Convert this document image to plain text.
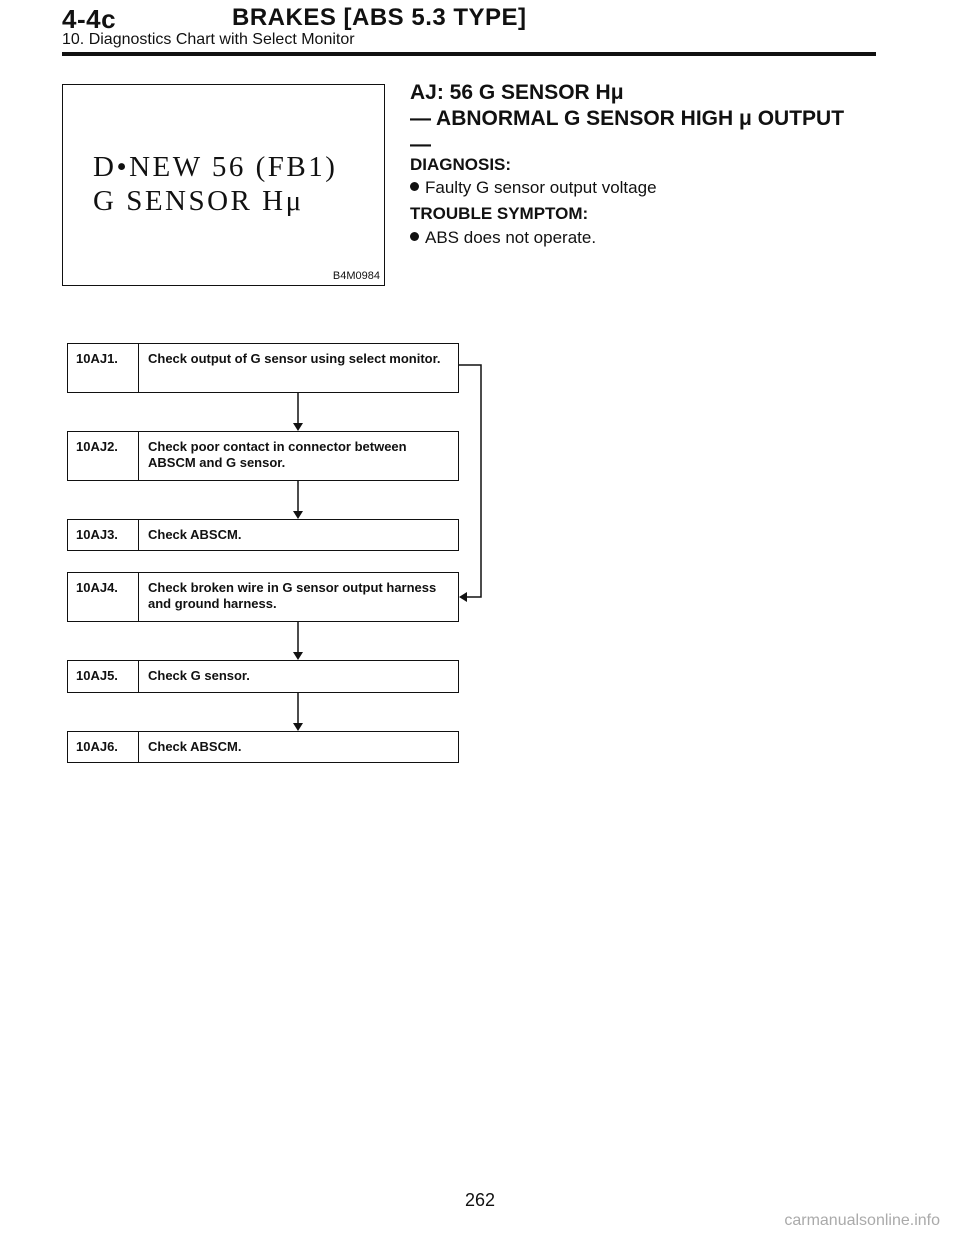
4-4c	BRAKES [ABS 5.3 TYPE]
10. Diagnostics Chart with Select Monitor
D•NEW 56 (FB1)
G SENSOR Hμ
B4M0984
AJ: 56 G SENSOR Hμ
— ABNORMAL G SENSOR HIGH μ OUTPUT
—
DIAGNOSIS:
Faulty G sensor output voltage
TROUBLE SYMPTOM:
ABS does not operate.
10AJ1.	Check output of G sensor using select monitor.
10AJ2.	Check poor contact in connector between ABSCM and G sensor.
10AJ3.	Check ABSCM.
10AJ4.	Check broken wire in G sensor output harness and ground harness.
10AJ5.	Check G sensor.
10AJ6.	Check ABSCM.
262
carmanualsonline.info
